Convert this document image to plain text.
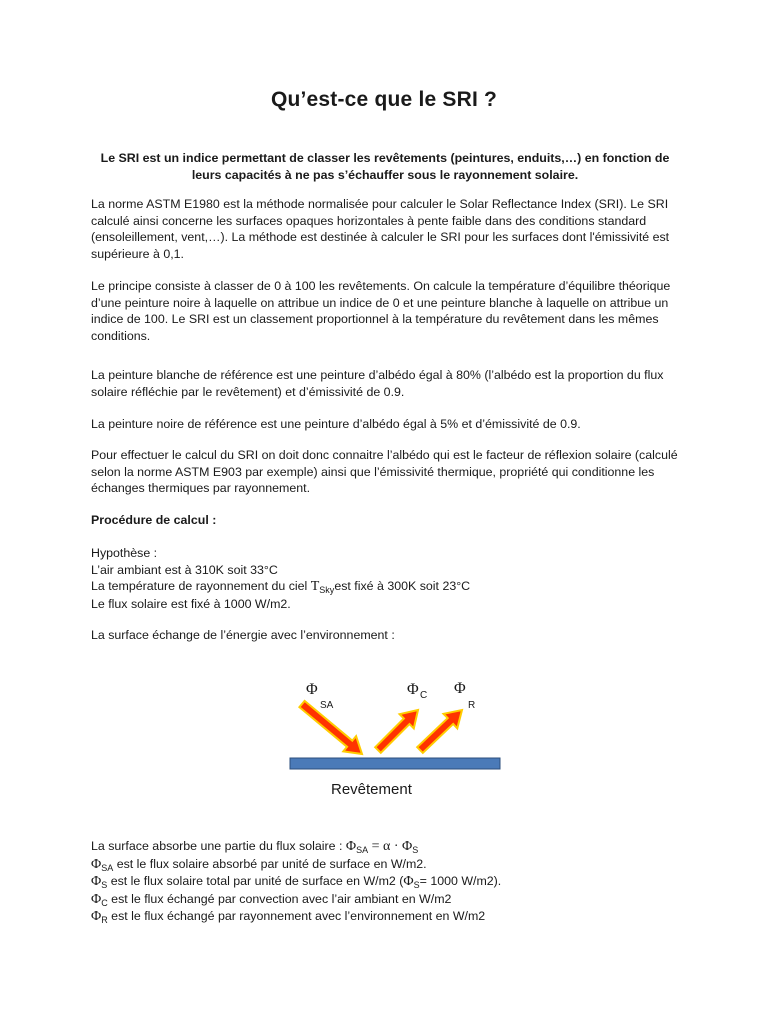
Qu’est-ce que le SRI ?
Le SRI est un indice permettant de classer les revêtements (peintures, enduits,…) en fonction de leurs capacités à ne pas s’échauffer sous le rayonnement solaire.
La norme ASTM E1980 est la méthode normalisée pour calculer le Solar Reflectance Index (SRI). Le SRI calculé ainsi concerne les surfaces opaques horizontales à pente faible dans des conditions standard (ensoleillement, vent,…). La méthode est destinée à calculer le SRI pour les surfaces dont l'émissivité est supérieure à 0,1.
Le principe consiste à classer de 0 à 100 les revêtements. On calcule la température d’équilibre théorique d’une peinture noire à laquelle on attribue un indice de 0 et une peinture blanche à laquelle on attribue un indice de 100. Le SRI est un classement proportionnel à la température du revêtement dans les mêmes conditions.
La peinture blanche de référence est une peinture d’albédo égal à 80% (l’albédo est la proportion du flux solaire réfléchie par le revêtement) et d’émissivité de 0.9.
La peinture noire de référence est une peinture d’albédo égal à 5% et d’émissivité de 0.9.
Pour effectuer le calcul du SRI on doit donc connaitre l’albédo qui est le facteur de réflexion solaire (calculé selon la norme ASTM E903 par exemple) ainsi que l’émissivité thermique, propriété qui conditionne les échanges thermiques par rayonnement.
Procédure de calcul :
Hypothèse :
L’air ambiant est à 310K soit 33°C
La température de rayonnement du ciel $T_{Sky}est$ fixé à 300K soit 23°C
Le flux solaire est fixé à 1000 W/m2.
La surface échange de l’énergie avec l’environnement :
Φ
SA
Φ C Φ
R
Revêtement
La surface absorbe une partie du flux solaire : $\Phi_{SA} = \alpha \cdot \Phi_S$
$\Phi_{SA}$ est le flux solaire absorbé par unité de surface en W/m2.
$\Phi_S$ est le flux solaire total par unité de surface en W/m2 ($\Phi_S= 1000$ W/m2).
$\Phi_C$ est le flux échangé par convection avec l’air ambiant en W/m2
$\Phi_R$ est le flux échangé par rayonnement avec l’environnement en W/m2
